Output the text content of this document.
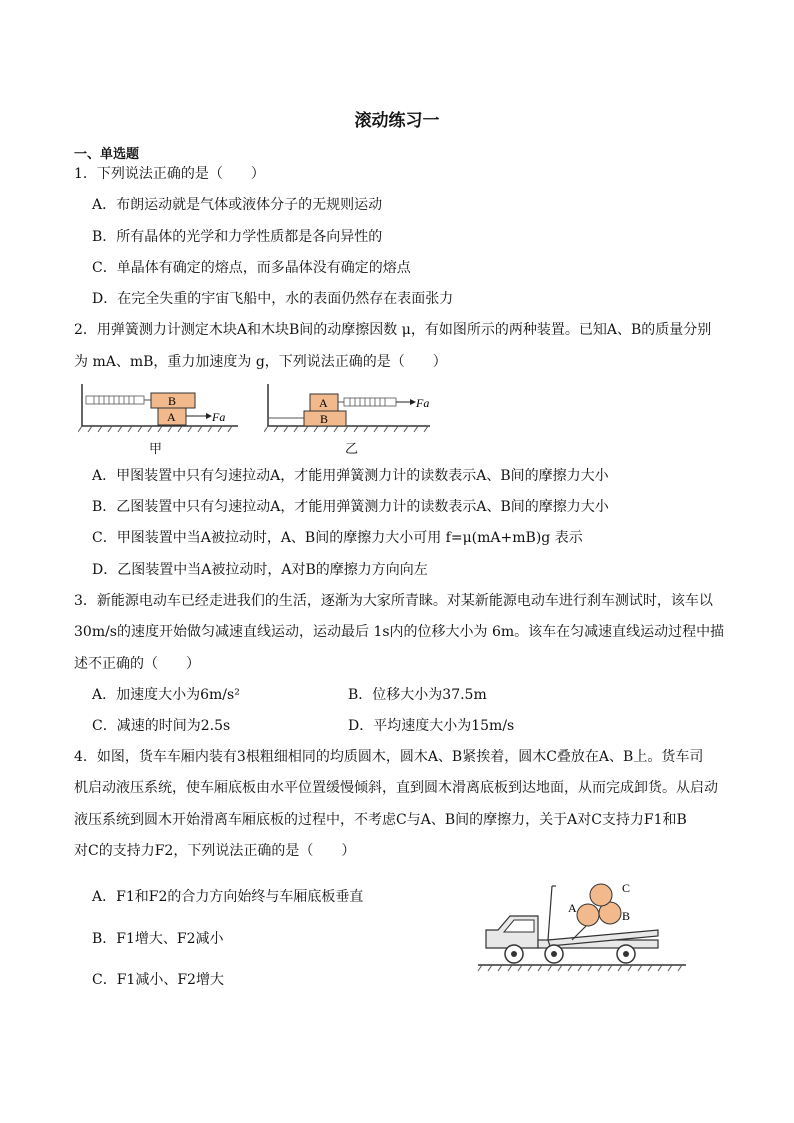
滚动练习一
一、单选题
1．下列说法正确的是（　　）
A．布朗运动就是气体或液体分子的无规则运动
B．所有晶体的光学和力学性质都是各向异性的
C．单晶体有确定的熔点，而多晶体没有确定的熔点
D．在完全失重的宇宙飞船中，水的表面仍然存在表面张力
2．用弹簧测力计测定木块A和木块B间的动摩擦因数 μ，有如图所示的两种装置。已知A、B的质量分别
为 mA、mB，重力加速度为 g，下列说法正确的是（　　）
B
A	Fa
甲
B
A	Fa
乙
A．甲图装置中只有匀速拉动A，才能用弹簧测力计的读数表示A、B间的摩擦力大小
B．乙图装置中只有匀速拉动A，才能用弹簧测力计的读数表示A、B间的摩擦力大小
C．甲图装置中当A被拉动时，A、B间的摩擦力大小可用 f=μ(mA+mB)g 表示
D．乙图装置中当A被拉动时，A对B的摩擦力方向向左
3．新能源电动车已经走进我们的生活，逐渐为大家所青睐。对某新能源电动车进行刹车测试时，该车以
30m/s的速度开始做匀减速直线运动，运动最后 1s内的位移大小为 6m。该车在匀减速直线运动过程中描
述不正确的（　　）
A．加速度大小为6m/s²	B．位移大小为37.5m
C．减速的时间为2.5s	D．平均速度大小为15m/s
4．如图，货车车厢内装有3根粗细相同的均质圆木，圆木A、B紧挨着，圆木C叠放在A、B上。货车司
机启动液压系统，使车厢底板由水平位置缓慢倾斜，直到圆木滑离底板到达地面，从而完成卸货。从启动
液压系统到圆木开始滑离车厢底板的过程中，不考虑C与A、B间的摩擦力，关于A对C支持力F1和B
对C的支持力F2，下列说法正确的是（　　）
A．F1和F2的合力方向始终与车厢底板垂直
B．F1增大、F2减小
C．F1减小、F2增大
A
C
B
